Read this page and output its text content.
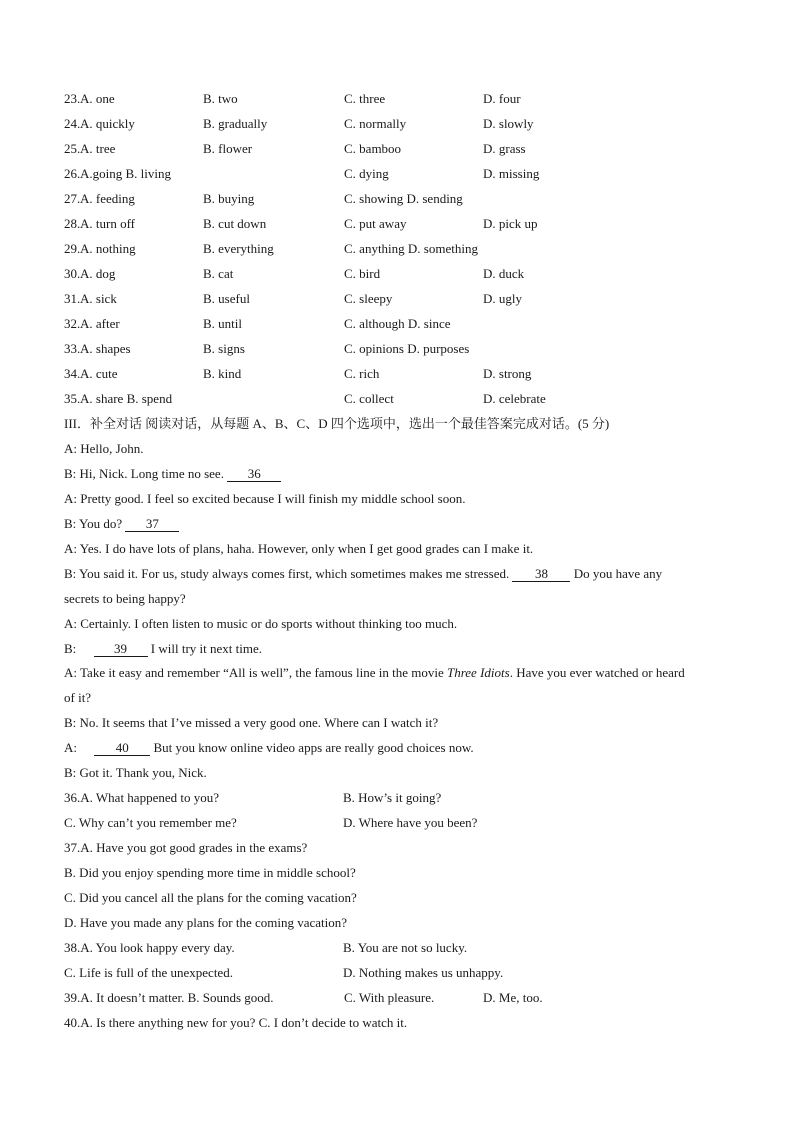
23. A. one	B. two	C. three	D. four
24. A. quickly	B. gradually	C. normally	D. slowly
25. A. tree	B. flower	C. bamboo	D. grass
26. A.going B. living	C. dying	D. missing
27. A. feeding	B. buying	C. showing D. sending
28. A. turn off	B. cut down	C. put away	D. pick up
29. A. nothing	B. everything	C. anything D. something
30. A. dog	B. cat	C. bird	D. duck
31. A. sick	B. useful	C. sleepy	D. ugly
32. A. after	B. until	C. although D. since
33. A. shapes	B. signs	C. opinions D. purposes
34. A. cute	B. kind	C. rich	D. strong
35. A. share B. spend	C. collect	D. celebrate
III．补全对话 阅读对话，从每题 A、B、C、D 四个选项中，选出一个最佳答案完成对话。(5 分)
A: Hello, John.
B: Hi, Nick. Long time no see. 36
A: Pretty good. I feel so excited because I will finish my middle school soon.
B: You do? 37
A: Yes. I do have lots of plans, haha. However, only when I get good grades can I make it.
B: You said it. For us, study always comes first, which sometimes makes me stressed. 38 Do you have any
secrets to being happy?
A: Certainly. I often listen to music or do sports without thinking too much.
B:	39 I will try it next time.
A: Take it easy and remember “All is well”, the famous line in the movie Three Idiots. Have you ever watched or heard
of it?
B: No. It seems that I’ve missed a very good one. Where can I watch it?
A:	40 But you know online video apps are really good choices now.
B: Got it. Thank you, Nick.
36.A. What happened to you?	B. How’s it going?
C. Why can’t you remember me?	D. Where have you been?
37.A. Have you got good grades in the exams?
B. Did you enjoy spending more time in middle school?
C. Did you cancel all the plans for the coming vacation?
D. Have you made any plans for the coming vacation?
38.A. You look happy every day.	B. You are not so lucky.
C. Life is full of the unexpected.	D. Nothing makes us unhappy.
39.A. It doesn’t matter. B. Sounds good.	C. With pleasure.	D. Me, too.
40.A. Is there anything new for you? C. I don’t decide to watch it.
